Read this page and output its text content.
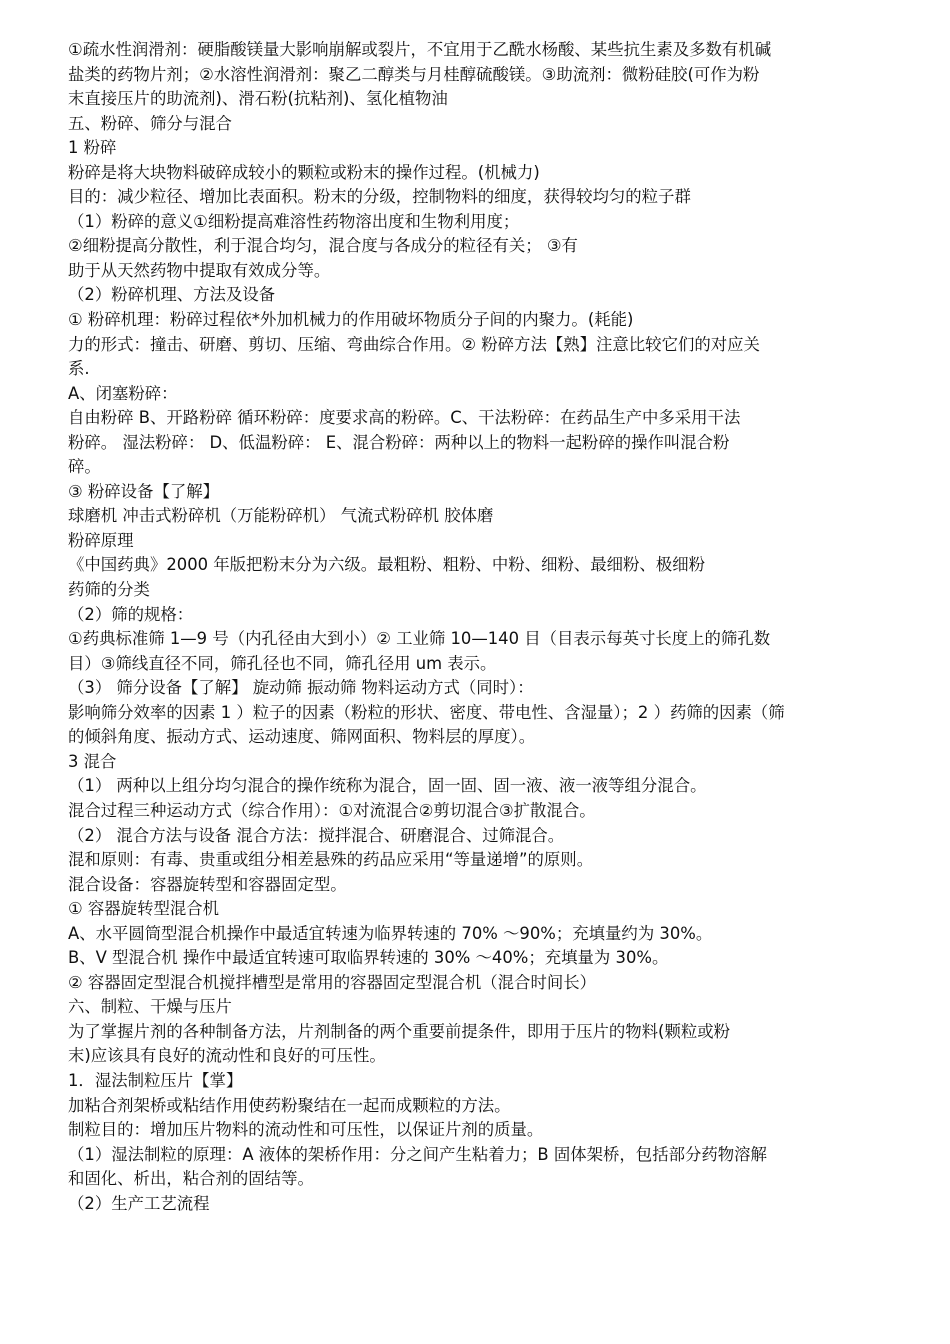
①疏水性润滑剂：硬脂酸镁量大影响崩解或裂片，不宜用于乙酰水杨酸、某些抗生素及多数有机碱
盐类的药物片剂；②水溶性润滑剂：聚乙二醇类与月桂醇硫酸镁。③助流剂：微粉硅胶(可作为粉
末直接压片的助流剂)、滑石粉(抗粘剂)、氢化植物油
五、粉碎、筛分与混合
1 粉碎
粉碎是将大块物料破碎成较小的颗粒或粉末的操作过程。(机械力)
目的：减少粒径、增加比表面积。粉末的分级，控制物料的细度，获得较均匀的粒子群
（1）粉碎的意义①细粉提高难溶性药物溶出度和生物利用度；
②细粉提高分散性，利于混合均匀，混合度与各成分的粒径有关； ③有
助于从天然药物中提取有效成分等。
（2）粉碎机理、方法及设备
① 粉碎机理：粉碎过程依*外加机械力的作用破坏物质分子间的内聚力。(耗能)
力的形式：撞击、研磨、剪切、压缩、弯曲综合作用。② 粉碎方法【熟】注意比较它们的对应关
系.
A、闭塞粉碎：
自由粉碎 B、开路粉碎 循环粉碎：度要求高的粉碎。C、干法粉碎：在药品生产中多采用干法
粉碎。 湿法粉碎： D、低温粉碎： E、混合粉碎：两种以上的物料一起粉碎的操作叫混合粉
碎。
③ 粉碎设备【了解】
球磨机 冲击式粉碎机（万能粉碎机） 气流式粉碎机 胶体磨
粉碎原理
《中国药典》2000 年版把粉末分为六级。最粗粉、粗粉、中粉、细粉、最细粉、极细粉
药筛的分类
（2）筛的规格：
①药典标准筛 1—9 号（内孔径由大到小）② 工业筛 10—140 目（目表示每英寸长度上的筛孔数
目）③筛线直径不同，筛孔径也不同，筛孔径用 um 表示。
（3） 筛分设备【了解】 旋动筛 振动筛 物料运动方式（同时）：
影响筛分效率的因素 1 ）粒子的因素（粉粒的形状、密度、带电性、含湿量）；2 ）药筛的因素（筛
的倾斜角度、振动方式、运动速度、筛网面积、物料层的厚度）。
3 混合
（1） 两种以上组分均匀混合的操作统称为混合，固一固、固一液、液一液等组分混合。
混合过程三种运动方式（综合作用）：①对流混合②剪切混合③扩散混合。
（2） 混合方法与设备 混合方法：搅拌混合、研磨混合、过筛混合。
混和原则：有毒、贵重或组分相差悬殊的药品应采用“等量递增”的原则。
混合设备：容器旋转型和容器固定型。
① 容器旋转型混合机
A、水平圆筒型混合机操作中最适宜转速为临界转速的 70% ～90%；充填量约为 30%。
B、V 型混合机 操作中最适宜转速可取临界转速的 30% ～40%；充填量为 30%。
② 容器固定型混合机搅拌槽型是常用的容器固定型混合机（混合时间长）
六、制粒、干燥与压片
为了掌握片剂的各种制备方法，片剂制备的两个重要前提条件，即用于压片的物料(颗粒或粉
末)应该具有良好的流动性和良好的可压性。
1．湿法制粒压片【掌】
加粘合剂架桥或粘结作用使药粉聚结在一起而成颗粒的方法。
制粒目的：增加压片物料的流动性和可压性，以保证片剂的质量。
（1）湿法制粒的原理：A 液体的架桥作用：分之间产生粘着力；B 固体架桥，包括部分药物溶解
和固化、析出，粘合剂的固结等。
（2）生产工艺流程
